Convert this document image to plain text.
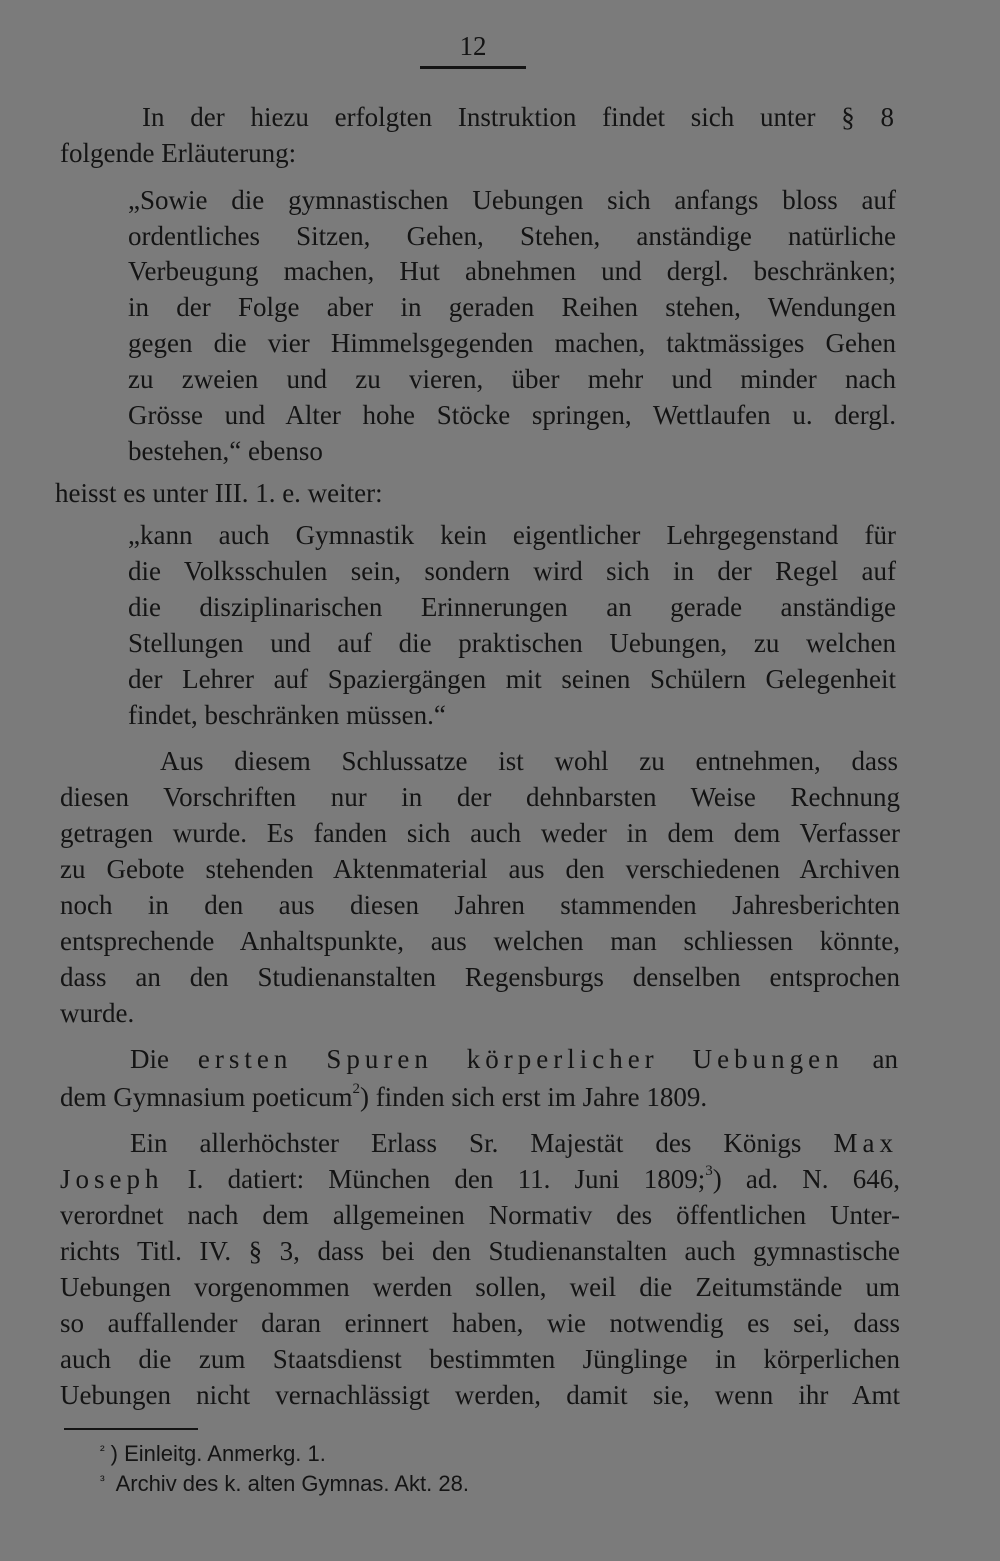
12
In der hiezu erfolgten Instruktion findet sich unter § 8
folgende Erläuterung:
„Sowie die gymnastischen Uebungen sich anfangs bloss auf
ordentliches Sitzen, Gehen, Stehen, anständige natürliche
Verbeugung machen, Hut abnehmen und dergl. beschränken;
in der Folge aber in geraden Reihen stehen, Wendungen
gegen die vier Himmelsgegenden machen, taktmässiges Gehen
zu zweien und zu vieren, über mehr und minder nach
Grösse und Alter hohe Stöcke springen, Wettlaufen u. dergl.
bestehen,“ ebenso
heisst es unter III. 1. e. weiter:
„kann auch Gymnastik kein eigentlicher Lehrgegenstand für
die Volksschulen sein, sondern wird sich in der Regel auf
die disziplinarischen Erinnerungen an gerade anständige
Stellungen und auf die praktischen Uebungen, zu welchen
der Lehrer auf Spaziergängen mit seinen Schülern Gelegenheit
findet, beschränken müssen.“
Aus diesem Schlussatze ist wohl zu entnehmen, dass
diesen Vorschriften nur in der dehnbarsten Weise Rechnung
getragen wurde. Es fanden sich auch weder in dem dem Verfasser
zu Gebote stehenden Aktenmaterial aus den verschiedenen Archiven
noch in den aus diesen Jahren stammenden Jahresberichten
entsprechende Anhaltspunkte, aus welchen man schliessen könnte,
dass an den Studienanstalten Regensburgs denselben entsprochen
wurde.
Die ersten Spuren körperlicher Uebungen an
dem Gymnasium poeticum$^2$) finden sich erst im Jahre 1809.
Ein allerhöchster Erlass Sr. Majestät des Königs Max
Joseph I. datiert: München den 11. Juni 1809;$^3$) ad. N. 646,
verordnet nach dem allgemeinen Normativ des öffentlichen Unter-
richts Titl. IV. § 3, dass bei den Studienanstalten auch gymnastische
Uebungen vorgenommen werden sollen, weil die Zeitumstände um
so auffallender daran erinnert haben, wie notwendig es sei, dass
auch die zum Staatsdienst bestimmten Jünglinge in körperlichen
Uebungen nicht vernachlässigt werden, damit sie, wenn ihr Amt
$^{^2}$ ) Einleitg. Anmerkg. 1.
$^{^3}$ Archiv des k. alten Gymnas. Akt. 28.
